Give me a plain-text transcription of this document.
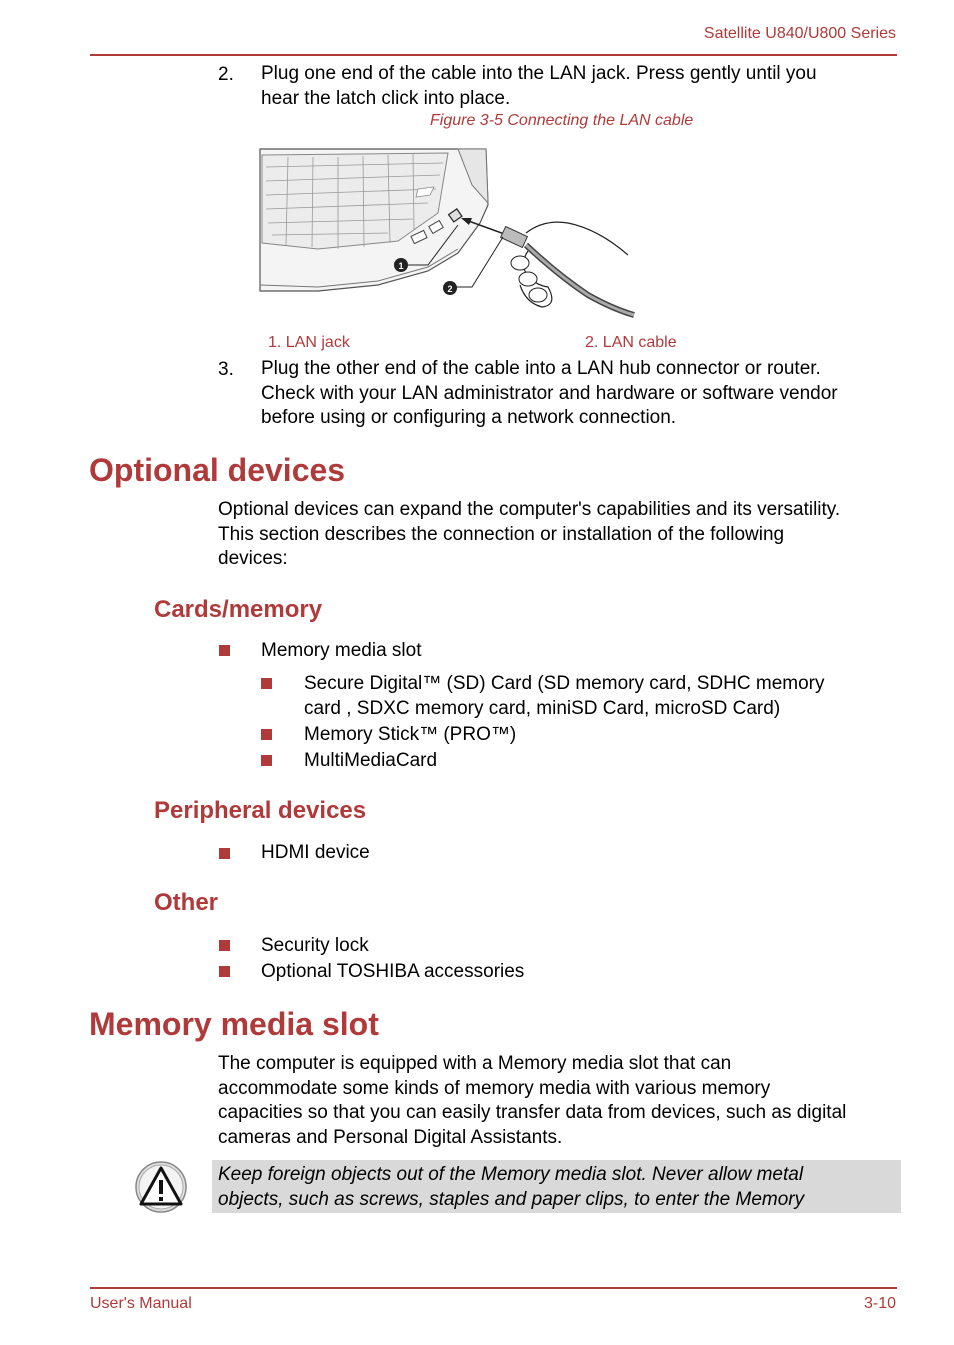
Satellite U840/U800 Series
2. Plug one end of the cable into the LAN jack. Press gently until you
hear the latch click into place.
Figure 3-5 Connecting the LAN cable
1
2
1. LAN jack	2. LAN cable
3. Plug the other end of the cable into a LAN hub connector or router.
Check with your LAN administrator and hardware or software vendor
before using or configuring a network connection.
Optional devices
Optional devices can expand the computer's capabilities and its versatility.
This section describes the connection or installation of the following
devices:
Cards/memory
Memory media slot
Secure Digital™ (SD) Card (SD memory card, SDHC memory
card , SDXC memory card, miniSD Card, microSD Card)
Memory Stick™ (PRO™)
MultiMediaCard
Peripheral devices
HDMI device
Other
Security lock
Optional TOSHIBA accessories
Memory media slot
The computer is equipped with a Memory media slot that can
accommodate some kinds of memory media with various memory
capacities so that you can easily transfer data from devices, such as digital
cameras and Personal Digital Assistants.
Keep foreign objects out of the Memory media slot. Never allow metal
objects, such as screws, staples and paper clips, to enter the Memory
User's Manual	3-10
